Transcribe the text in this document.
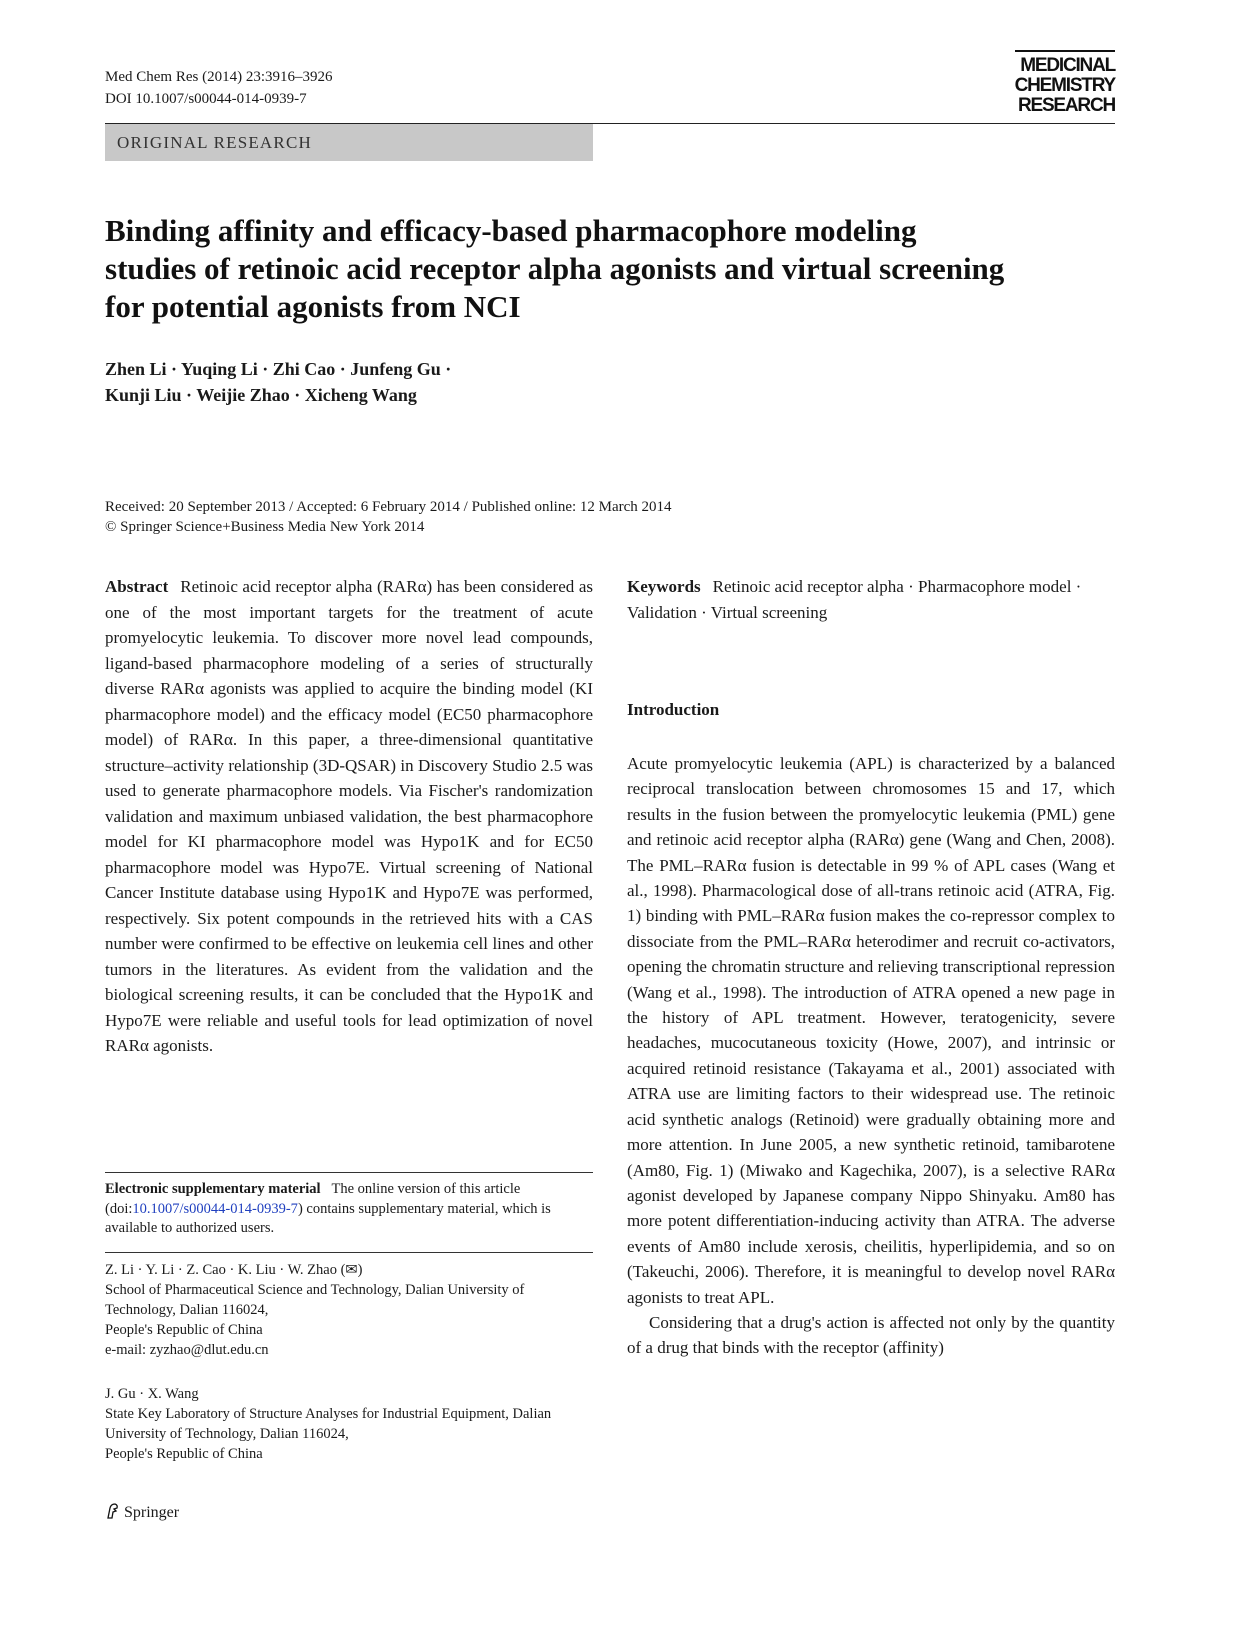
Med Chem Res (2014) 23:3916–3926
DOI 10.1007/s00044-014-0939-7
MEDICINAL
CHEMISTRY
RESEARCH
ORIGINAL RESEARCH
Binding affinity and efficacy-based pharmacophore modeling studies of retinoic acid receptor alpha agonists and virtual screening for potential agonists from NCI
Zhen Li · Yuqing Li · Zhi Cao · Junfeng Gu ·
Kunji Liu · Weijie Zhao · Xicheng Wang
Received: 20 September 2013 / Accepted: 6 February 2014 / Published online: 12 March 2014
© Springer Science+Business Media New York 2014

Abstract Retinoic acid receptor alpha (RARα) has been considered as one of the most important targets for the treatment of acute promyelocytic leukemia. To discover more novel lead compounds, ligand-based pharmacophore modeling of a series of structurally diverse RARα agonists was applied to acquire the binding model (KI pharmacophore model) and the efficacy model (EC50 pharmacophore model) of RARα. In this paper, a three-dimensional quantitative structure–activity relationship (3D-QSAR) in Discovery Studio 2.5 was used to generate pharmacophore models. Via Fischer's randomization validation and maximum unbiased validation, the best pharmacophore model for KI pharmacophore model was Hypo1K and for EC50 pharmacophore model was Hypo7E. Virtual screening of National Cancer Institute database using Hypo1K and Hypo7E was performed, respectively. Six potent compounds in the retrieved hits with a CAS number were confirmed to be effective on leukemia cell lines and other tumors in the literatures. As evident from the validation and the biological screening results, it can be concluded that the Hypo1K and Hypo7E were reliable and useful tools for lead optimization of novel RARα agonists.

Electronic supplementary material The online version of this article (doi:10.1007/s00044-014-0939-7) contains supplementary material, which is available to authorized users.
Z. Li · Y. Li · Z. Cao · K. Liu · W. Zhao (✉)
School of Pharmaceutical Science and Technology, Dalian University of Technology, Dalian 116024,
People's Republic of China
e-mail: zyzhao@dlut.edu.cn
J. Gu · X. Wang
State Key Laboratory of Structure Analyses for Industrial Equipment, Dalian University of Technology, Dalian 116024,
People's Republic of China

Keywords Retinoic acid receptor alpha · Pharmacophore model · Validation · Virtual screening

Introduction

Acute promyelocytic leukemia (APL) is characterized by a balanced reciprocal translocation between chromosomes 15 and 17, which results in the fusion between the promyelocytic leukemia (PML) gene and retinoic acid receptor alpha (RARα) gene (Wang and Chen, 2008). The PML–RARα fusion is detectable in 99 % of APL cases (Wang et al., 1998). Pharmacological dose of all-trans retinoic acid (ATRA, Fig. 1) binding with PML–RARα fusion makes the co-repressor complex to dissociate from the PML–RARα heterodimer and recruit co-activators, opening the chromatin structure and relieving transcriptional repression (Wang et al., 1998). The introduction of ATRA opened a new page in the history of APL treatment. However, teratogenicity, severe headaches, mucocutaneous toxicity (Howe, 2007), and intrinsic or acquired retinoid resistance (Takayama et al., 2001) associated with ATRA use are limiting factors to their widespread use. The retinoic acid synthetic analogs (Retinoid) were gradually obtaining more and more attention. In June 2005, a new synthetic retinoid, tamibarotene (Am80, Fig. 1) (Miwako and Kagechika, 2007), is a selective RARα agonist developed by Japanese company Nippo Shinyaku. Am80 has more potent differentiation-inducing activity than ATRA. The adverse events of Am80 include xerosis, cheilitis, hyperlipidemia, and so on (Takeuchi, 2006). Therefore, it is meaningful to develop novel RARα agonists to treat APL.

Considering that a drug's action is affected not only by the quantity of a drug that binds with the receptor (affinity)

Springer
